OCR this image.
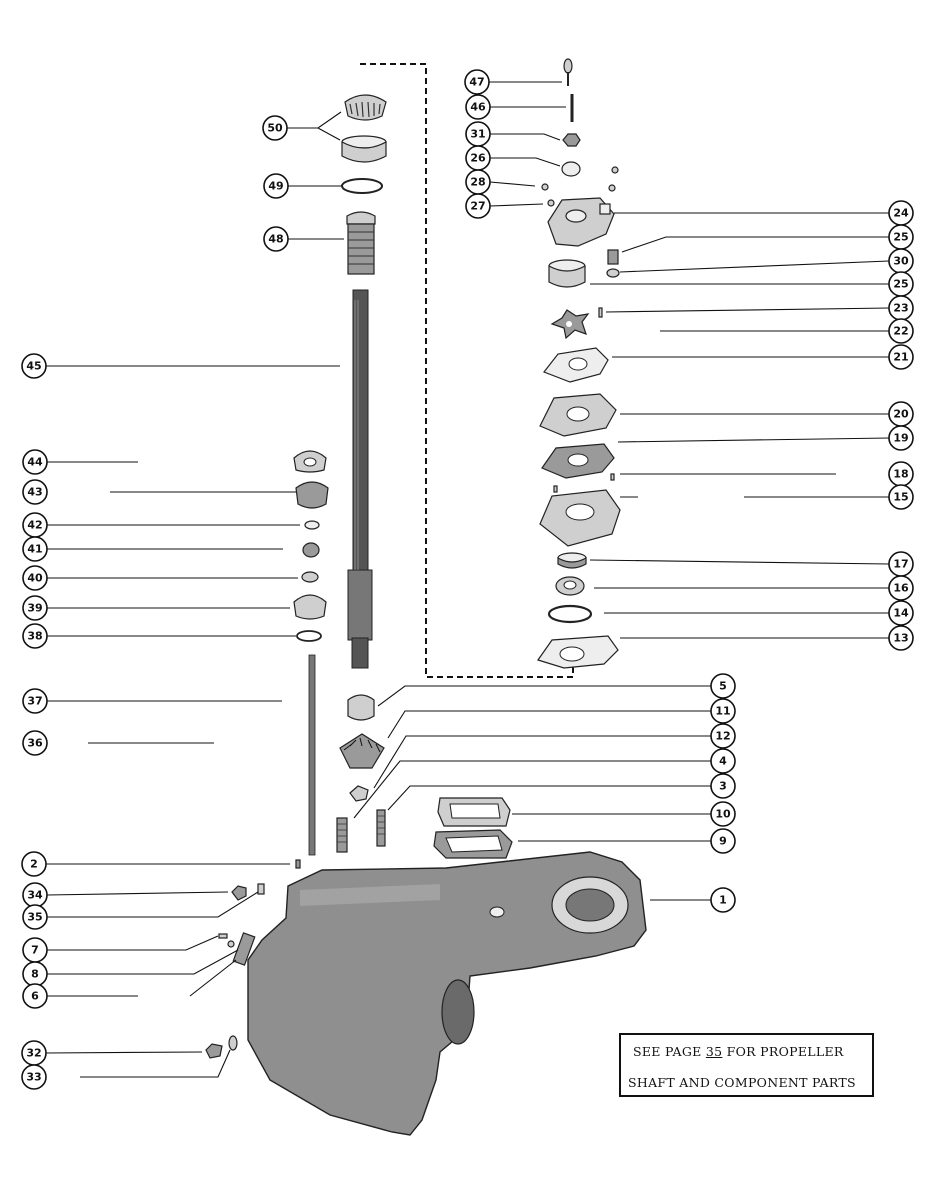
50
49
48
45
44
43
42
41
40
39
38
37
36
2
34
35
7
8
6
32
33
47
46
31
26
28
27
24
25
30
25
23
22
21
20
19
18
15
17
16
14
13
5
11
12
4
3
10
9
1
SEE PAGE 35 FOR PROPELLER
SHAFT AND COMPONENT PARTS
